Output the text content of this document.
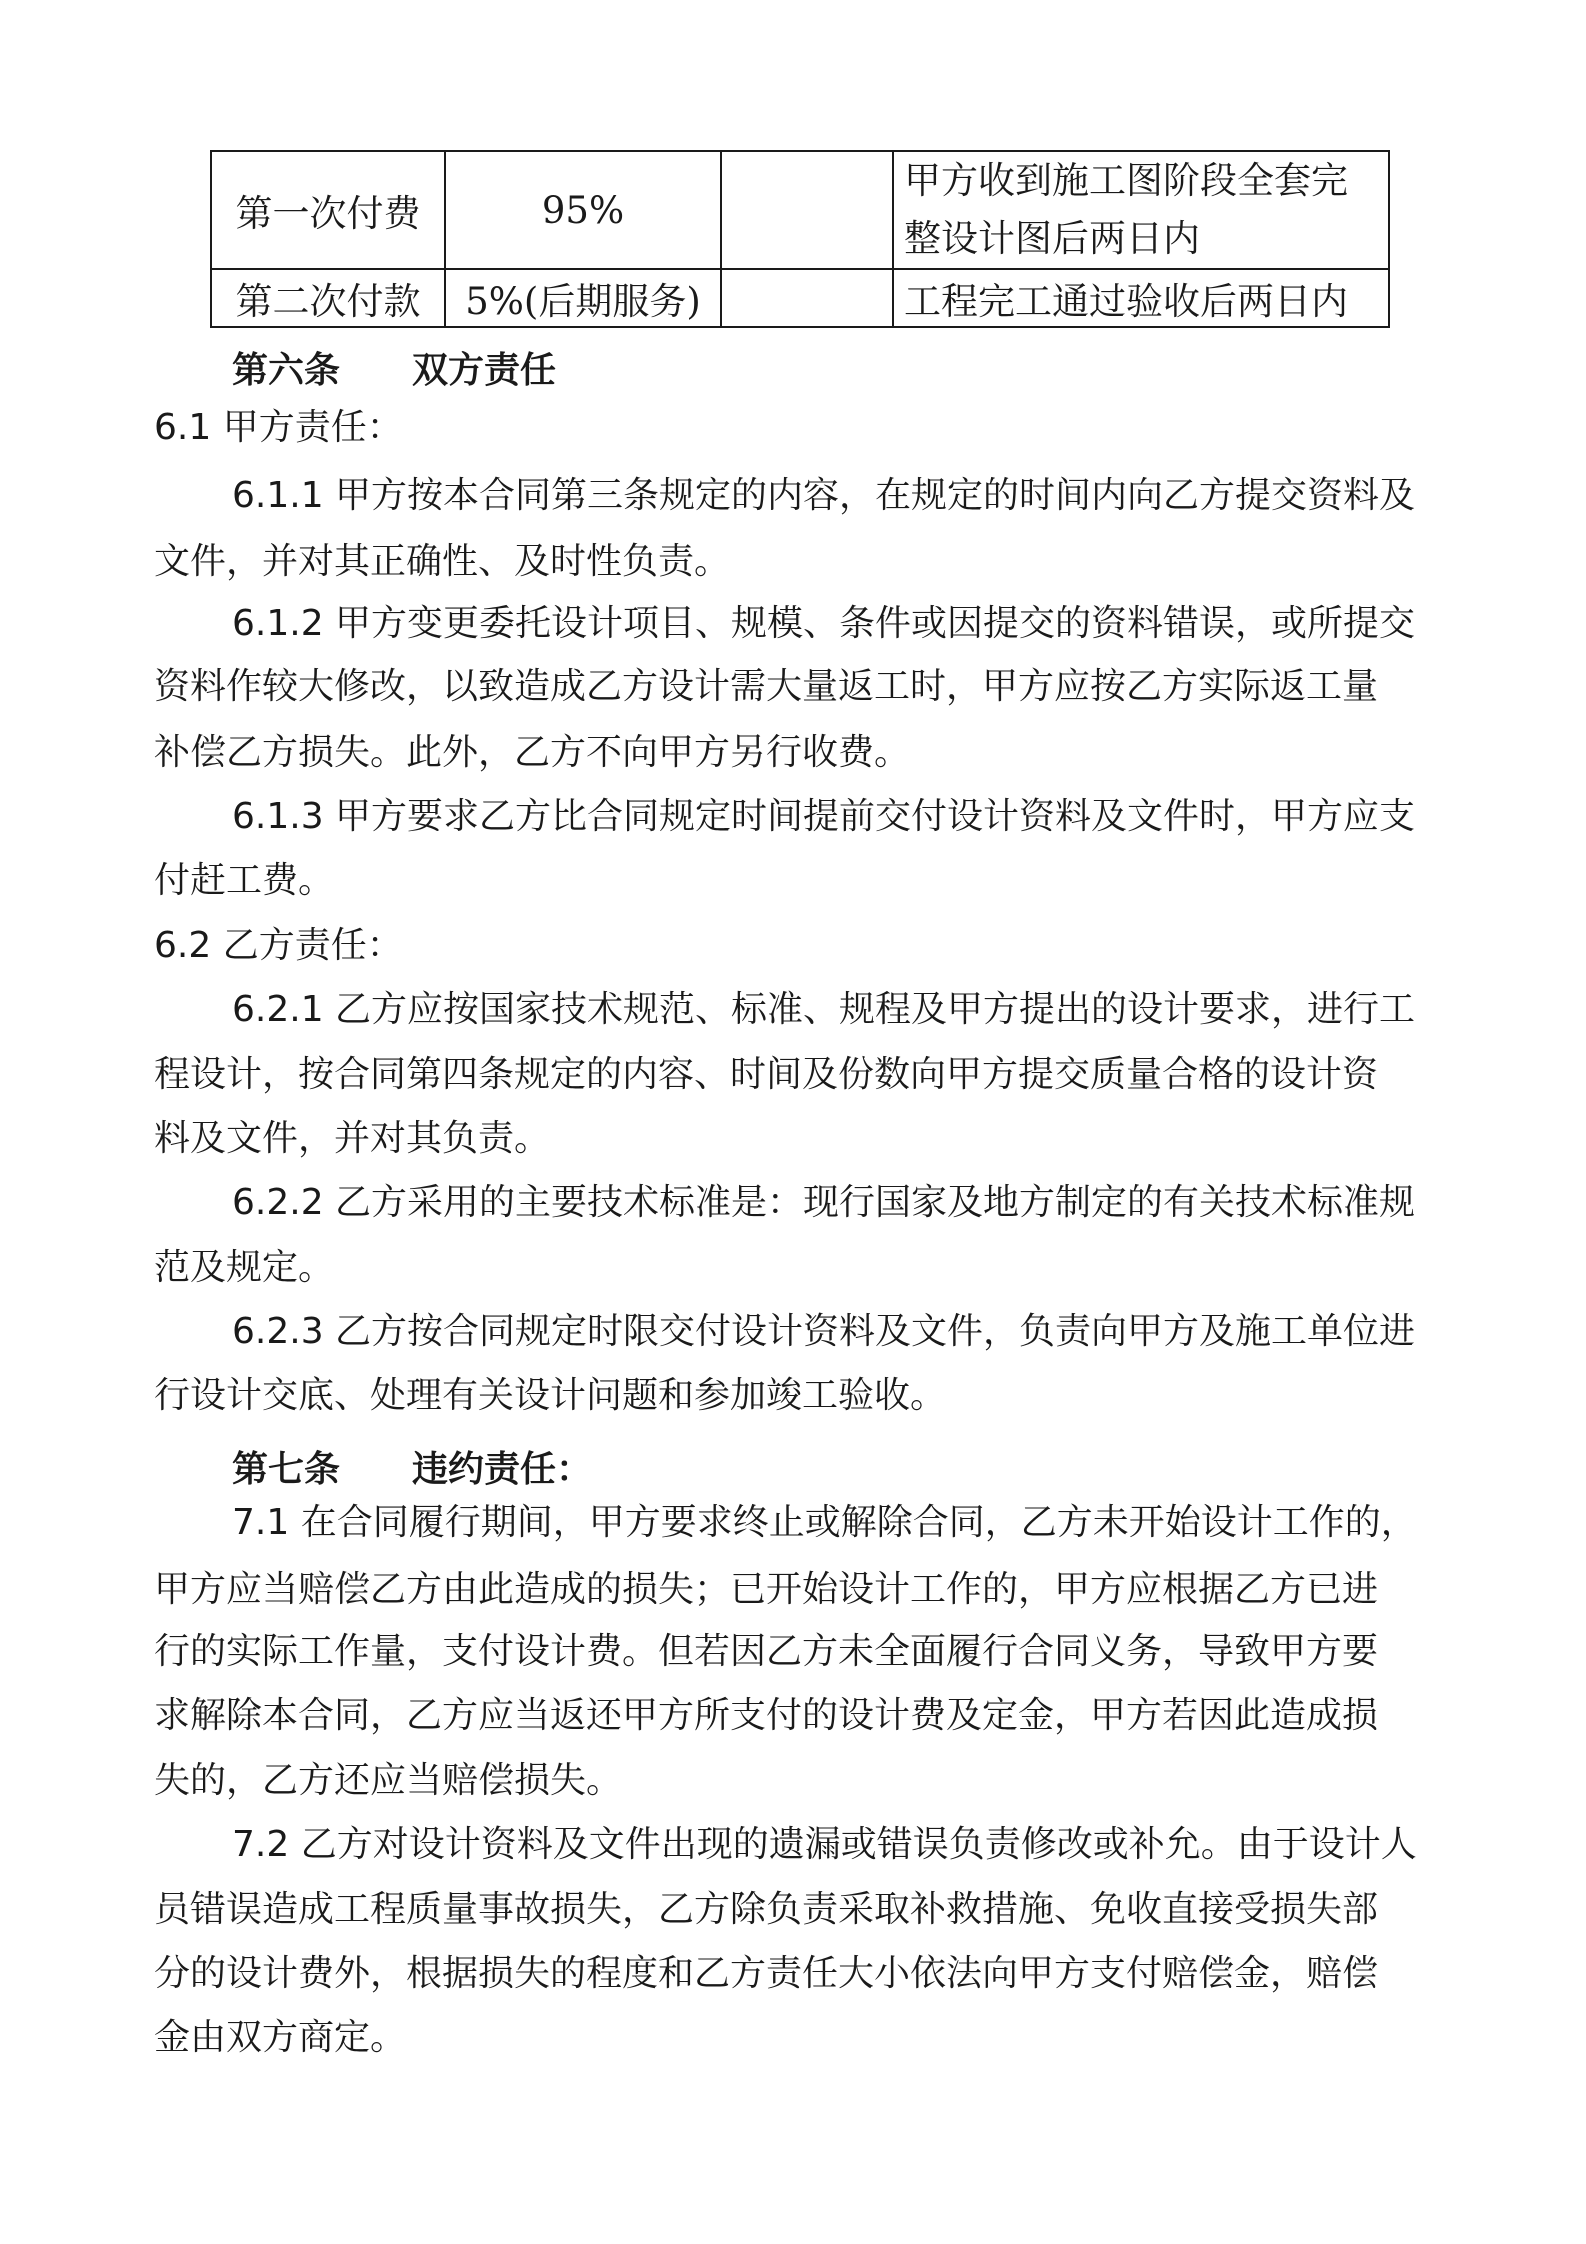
第一次付费	95%		甲方收到施工图阶段全套完整设计图后两日内

第二次付款	5%(后期服务)		工程完工通过验收后两日内
第六条　　双方责任
6.1 甲方责任：
6.1.1 甲方按本合同第三条规定的内容，在规定的时间内向乙方提交资料及
文件，并对其正确性、及时性负责。
6.1.2 甲方变更委托设计项目、规模、条件或因提交的资料错误，或所提交
资料作较大修改，以致造成乙方设计需大量返工时，甲方应按乙方实际返工量
补偿乙方损失。此外，乙方不向甲方另行收费。
6.1.3 甲方要求乙方比合同规定时间提前交付设计资料及文件时，甲方应支
付赶工费。
6.2 乙方责任：
6.2.1 乙方应按国家技术规范、标准、规程及甲方提出的设计要求，进行工
程设计，按合同第四条规定的内容、时间及份数向甲方提交质量合格的设计资
料及文件，并对其负责。
6.2.2 乙方采用的主要技术标准是：现行国家及地方制定的有关技术标准规
范及规定。
6.2.3 乙方按合同规定时限交付设计资料及文件，负责向甲方及施工单位进
行设计交底、处理有关设计问题和参加竣工验收。
第七条　　违约责任：
7.1 在合同履行期间，甲方要求终止或解除合同，乙方未开始设计工作的，
甲方应当赔偿乙方由此造成的损失；已开始设计工作的，甲方应根据乙方已进
行的实际工作量，支付设计费。但若因乙方未全面履行合同义务，导致甲方要
求解除本合同，乙方应当返还甲方所支付的设计费及定金，甲方若因此造成损
失的，乙方还应当赔偿损失。
7.2 乙方对设计资料及文件出现的遗漏或错误负责修改或补允。由于设计人
员错误造成工程质量事故损失，乙方除负责采取补救措施、免收直接受损失部
分的设计费外，根据损失的程度和乙方责任大小依法向甲方支付赔偿金，赔偿
金由双方商定。
